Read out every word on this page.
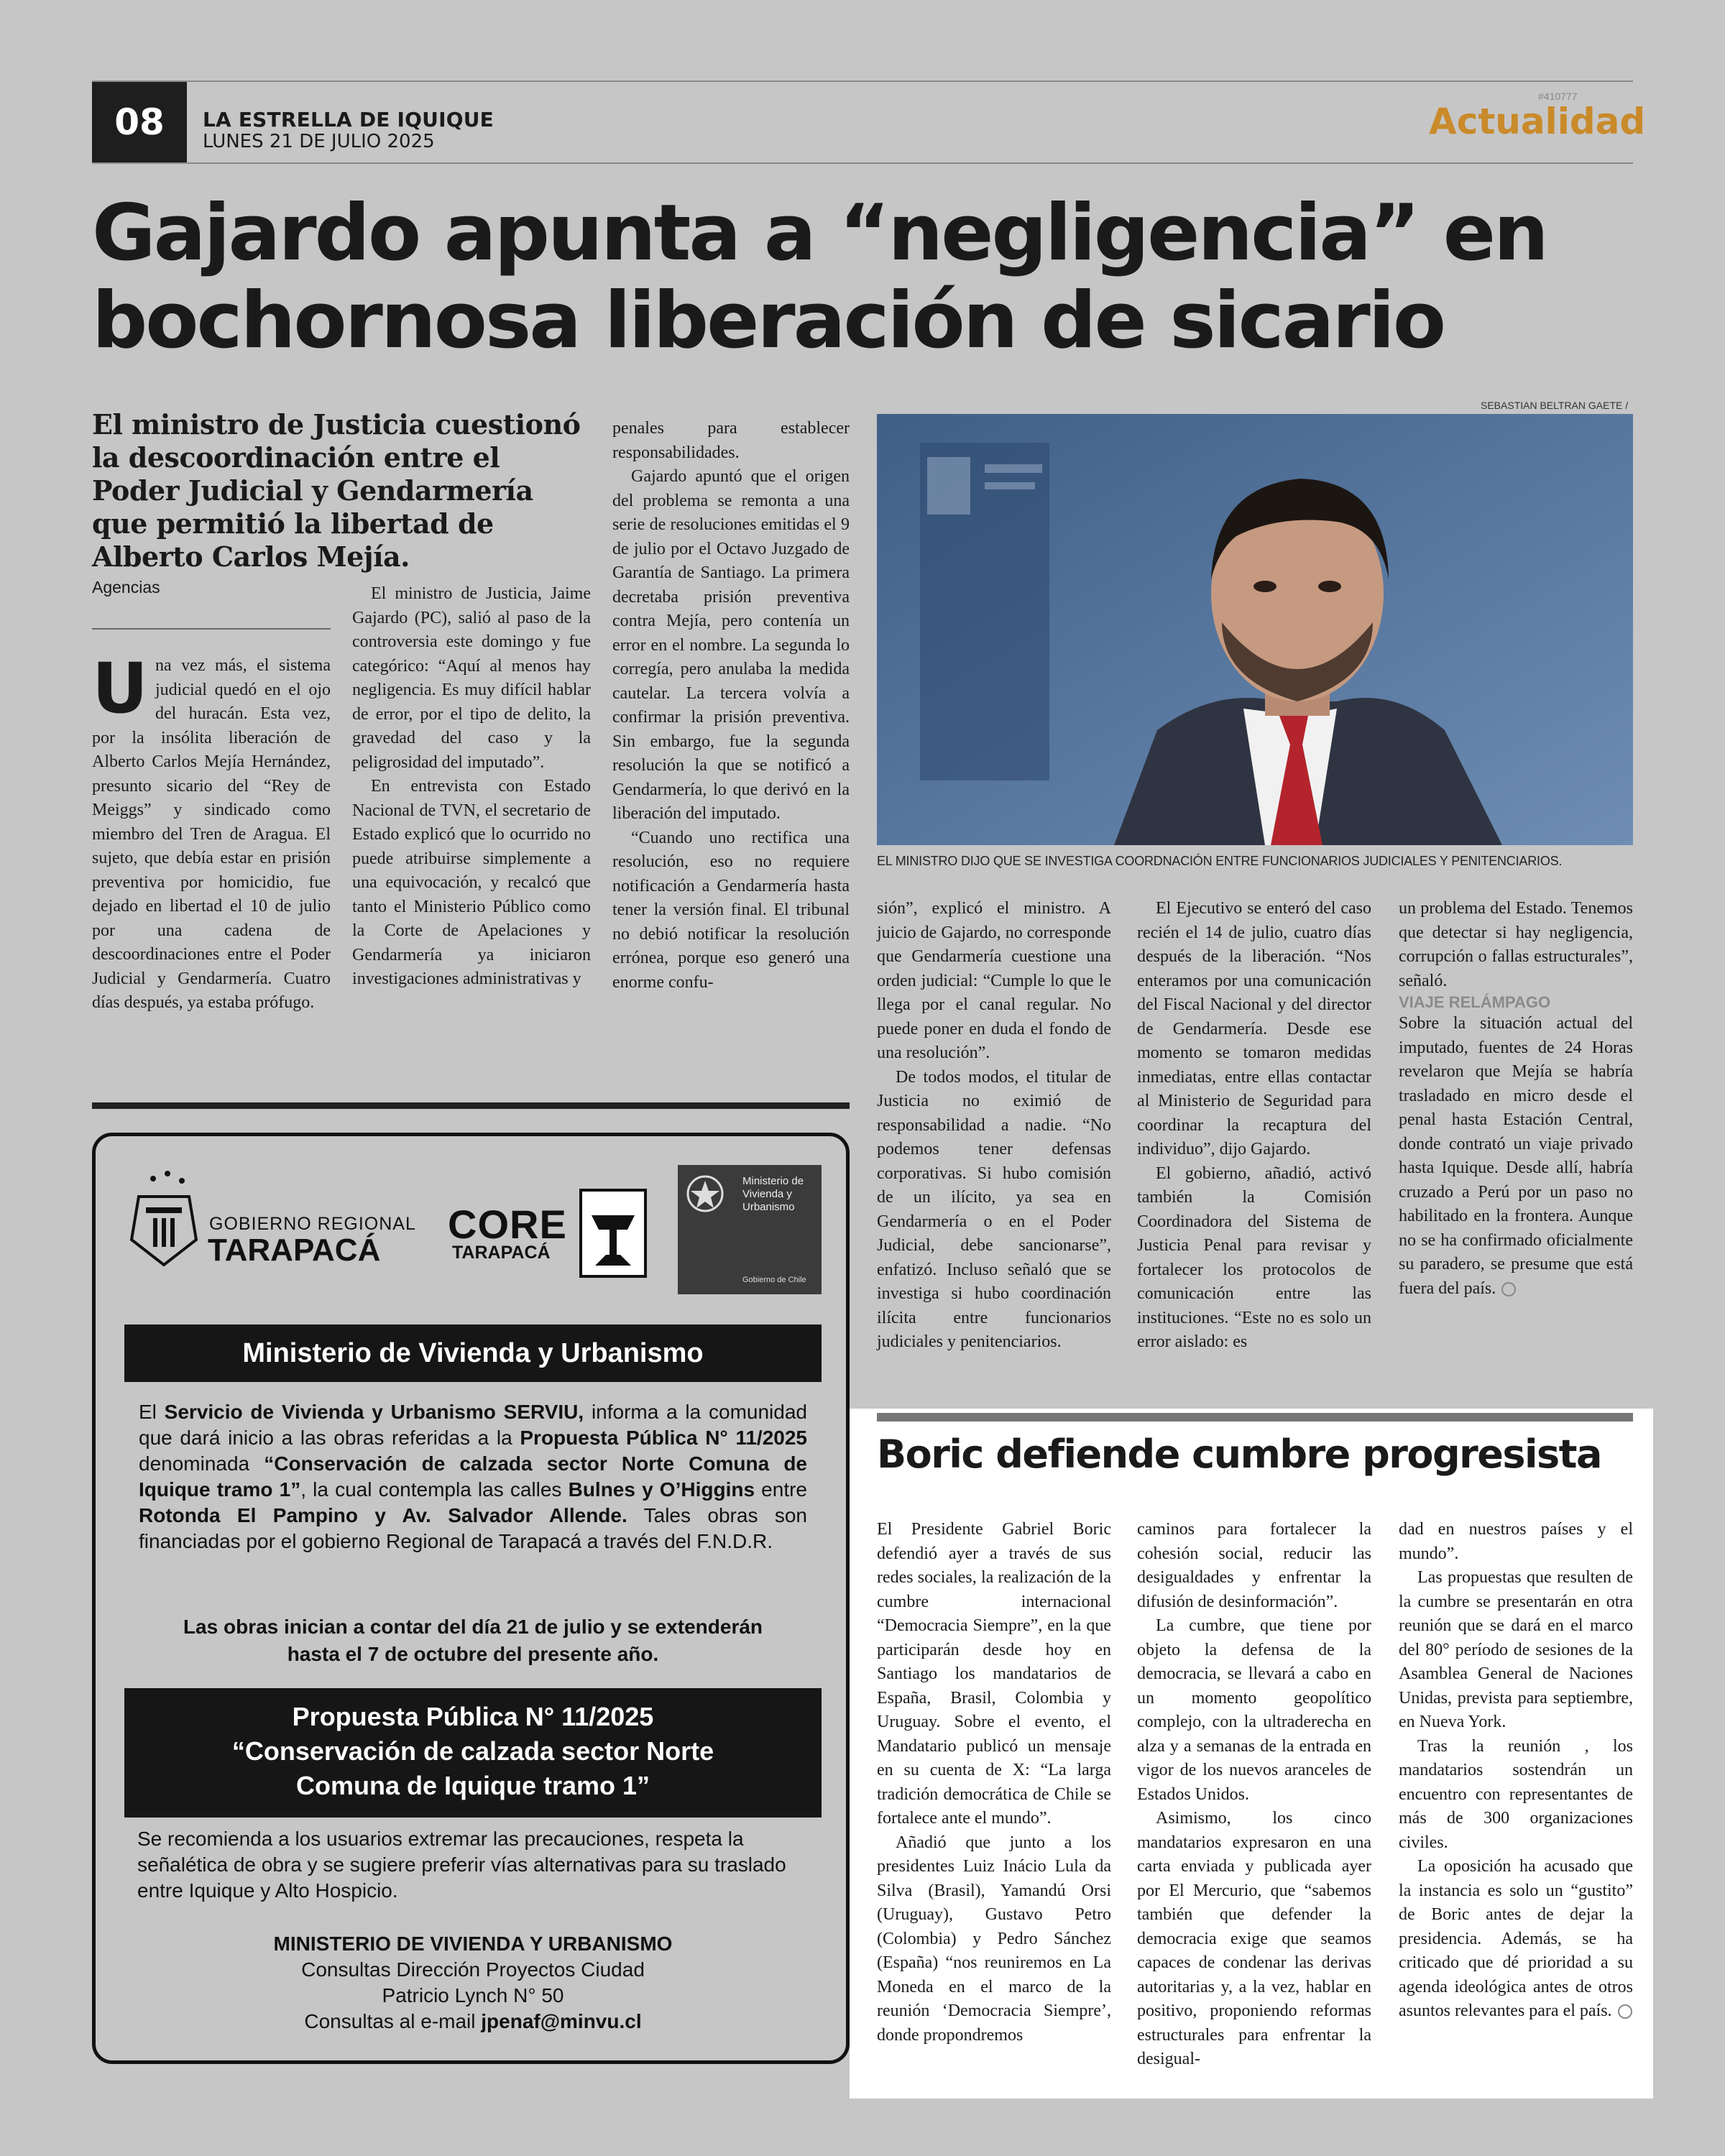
08	LA ESTRELLA DE IQUIQUE
LUNES 21 DE JULIO 2025
#410777
Actualidad
Gajardo apunta a “negligencia” en
bochornosa liberación de sicario
El ministro de Justicia cuestionó la descoordinación entre el Poder Judicial y Gendarmería que permitió la libertad de Alberto Carlos Mejía.
Agencias

Una vez más, el sistema judicial quedó en el ojo del huracán. Esta vez, por la insólita liberación de Alberto Carlos Mejía Hernández, presunto sicario del “Rey de Meiggs” y sindicado como miembro del Tren de Aragua. El sujeto, que debía estar en prisión preventiva por homicidio, fue dejado en libertad el 10 de julio por una cadena de descoordinaciones entre el Poder Judicial y Gendarmería. Cuatro días después, ya estaba prófugo.

El ministro de Justicia, Jaime Gajardo (PC), salió al paso de la controversia este domingo y fue categórico: “Aquí al menos hay negligencia. Es muy difícil hablar de error, por el tipo de delito, la gravedad del caso y la peligrosidad del imputado”.

En entrevista con Estado Nacional de TVN, el secretario de Estado explicó que lo ocurrido no puede atribuirse simplemente a una equivocación, y recalcó que tanto el Ministerio Público como la Corte de Apelaciones y Gendarmería ya iniciaron investigaciones administrativas y

penales para establecer responsabilidades.

Gajardo apuntó que el origen del problema se remonta a una serie de resoluciones emitidas el 9 de julio por el Octavo Juzgado de Garantía de Santiago. La primera decretaba prisión preventiva contra Mejía, pero contenía un error en el nombre. La segunda lo corregía, pero anulaba la medida cautelar. La tercera volvía a confirmar la prisión preventiva. Sin embargo, fue la segunda resolución la que se notificó a Gendarmería, lo que derivó en la liberación del imputado.

“Cuando uno rectifica una resolución, eso no requiere notificación a Gendarmería hasta tener la versión final. El tribunal no debió notificar la resolución errónea, porque eso generó una enorme confu-

SEBASTIAN BELTRAN GAETE /
EL MINISTRO DIJO QUE SE INVESTIGA COORDNACIÓN ENTRE FUNCIONARIOS JUDICIALES Y PENITENCIARIOS.

sión”, explicó el ministro. A juicio de Gajardo, no corresponde que Gendarmería cuestione una orden judicial: “Cumple lo que le llega por el canal regular. No puede poner en duda el fondo de una resolución”.

De todos modos, el titular de Justicia no eximió de responsabilidad a nadie. “No podemos tener defensas corporativas. Si hubo comisión de un ilícito, ya sea en Gendarmería o en el Poder Judicial, debe sancionarse”, enfatizó. Incluso señaló que se investiga si hubo coordinación ilícita entre funcionarios judiciales y penitenciarios.

El Ejecutivo se enteró del caso recién el 14 de julio, cuatro días después de la liberación. “Nos enteramos por una comunicación del Fiscal Nacional y del director de Gendarmería. Desde ese momento se tomaron medidas inmediatas, entre ellas contactar al Ministerio de Seguridad para coordinar la recaptura del individuo”, dijo Gajardo.

El gobierno, añadió, activó también la Comisión Coordinadora del Sistema de Justicia Penal para revisar y fortalecer los protocolos de comunicación entre las instituciones. “Este no es solo un error aislado: es

un problema del Estado. Tenemos que detectar si hay negligencia, corrupción o fallas estructurales”, señaló.

VIAJE RELÁMPAGO

Sobre la situación actual del imputado, fuentes de 24 Horas revelaron que Mejía se habría trasladado en micro desde el penal hasta Estación Central, donde contrató un viaje privado hasta Iquique. Desde allí, habría cruzado a Perú por un paso no habilitado en la frontera. Aunque no se ha confirmado oficialmente su paradero, se presume que está fuera del país.

Boric defiende cumbre progresista

El Presidente Gabriel Boric defendió ayer a través de sus redes sociales, la realización de la cumbre internacional “Democracia Siempre”, en la que participarán desde hoy en Santiago los mandatarios de España, Brasil, Colombia y Uruguay. Sobre el evento, el Mandatario publicó un mensaje en su cuenta de X: “La larga tradición democrática de Chile se fortalece ante el mundo”.

Añadió que junto a los presidentes Luiz Inácio Lula da Silva (Brasil), Yamandú Orsi (Uruguay), Gustavo Petro (Colombia) y Pedro Sánchez (España) “nos reuniremos en La Moneda en el marco de la reunión ‘Democracia Siempre’, donde propondremos

caminos para fortalecer la cohesión social, reducir las desigualdades y enfrentar la difusión de desinformación”.

La cumbre, que tiene por objeto la defensa de la democracia, se llevará a cabo en un momento geopolítico complejo, con la ultraderecha en alza y a semanas de la entrada en vigor de los nuevos aranceles de Estados Unidos.

Asimismo, los cinco mandatarios expresaron en una carta enviada y publicada ayer por El Mercurio, que “sabemos también que defender la democracia exige que seamos capaces de condenar las derivas autoritarias y, a la vez, hablar en positivo, proponiendo reformas estructurales para enfrentar la desigual-

dad en nuestros países y el mundo”.

Las propuestas que resulten de la cumbre se presentarán en otra reunión que se dará en el marco del 80° período de sesiones de la Asamblea General de Naciones Unidas, prevista para septiembre, en Nueva York.

Tras la reunión , los mandatarios sostendrán un encuentro con representantes de más de 300 organizaciones civiles.

La oposición ha acusado que la instancia es solo un “gustito” de Boric antes de dejar la presidencia. Además, se ha criticado que dé prioridad a su agenda ideológica antes de otros asuntos relevantes para el país.

GOBIERNO REGIONAL
TARAPACÁ
CORE
TARAPACÁ
Ministerio de
Vivienda y
Urbanismo
Gobierno de Chile
Ministerio de Vivienda y Urbanismo
El Servicio de Vivienda y Urbanismo SERVIU, informa a la comunidad que dará inicio a las obras referidas a la Propuesta Pública N° 11/2025 denominada “Conservación de calzada sector Norte Comuna de Iquique tramo 1”, la cual contempla las calles Bulnes y O’Higgins entre Rotonda El Pampino y Av. Salvador Allende. Tales obras son financiadas por el gobierno Regional de Tarapacá a través del F.N.D.R.
Las obras inician a contar del día 21 de julio y se extenderán
hasta el 7 de octubre del presente año.
Propuesta Pública N° 11/2025
“Conservación de calzada sector Norte
Comuna de Iquique tramo 1”
Se recomienda a los usuarios extremar las precauciones, respeta la señalética de obra y se sugiere preferir vías alternativas para su traslado entre Iquique y Alto Hospicio.
MINISTERIO DE VIVIENDA Y URBANISMO
Consultas Dirección Proyectos Ciudad
Patricio Lynch N° 50
Consultas al e-mail jpenaf@minvu.cl
